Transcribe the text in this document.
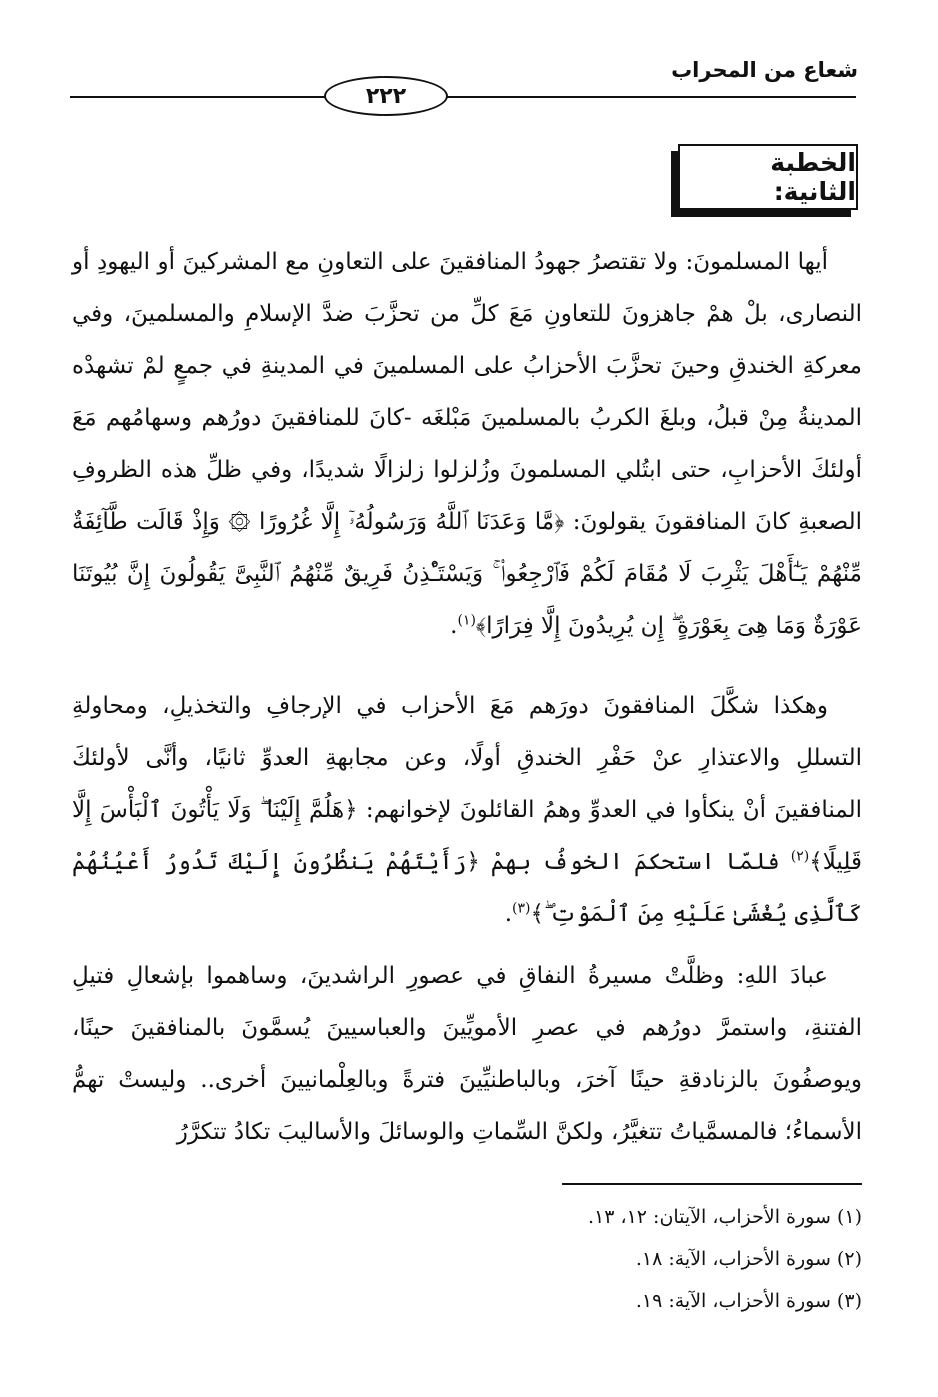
شعاع من المحراب
٢٢٢
الخطبة الثانية:

أيها المسلمونَ: ولا تقتصرُ جهودُ المنافقينَ على التعاونِ مع المشركينَ أو اليهودِ أو النصارى، بلْ همْ جاهزونَ للتعاونِ مَعَ كلِّ من تحزَّبَ ضدَّ الإسلامِ والمسلمينَ، وفي معركةِ الخندقِ وحينَ تحزَّبَ الأحزابُ على المسلمينَ في المدينةِ في جمعٍ لمْ تشهدْه المدينةُ مِنْ قبلُ، وبلغَ الكربُ بالمسلمينَ مَبْلغَه -كانَ للمنافقينَ دورُهم وسهامُهم مَعَ أولئكَ الأحزابِ، حتى ابتُلي المسلمونَ وزُلزلوا زلزالًا شديدًا، وفي ظلِّ هذه الظروفِ الصعبةِ كانَ المنافقونَ يقولونَ: ﴿مَّا وَعَدَنَا ٱللَّهُ وَرَسُولُهُۥٓ إِلَّا غُرُورًا ۞ وَإِذْ قَالَت طَّآئِفَةٌ مِّنْهُمْ يَـٰٓأَهْلَ يَثْرِبَ لَا مُقَامَ لَكُمْ فَٱرْجِعُوا۟ ۚ وَيَسْتَـْٔذِنُ فَرِيقٌ مِّنْهُمُ ٱلنَّبِىَّ يَقُولُونَ إِنَّ بُيُوتَنَا عَوْرَةٌ وَمَا هِىَ بِعَوْرَةٍ ۖ إِن يُرِيدُونَ إِلَّا فِرَارًا﴾$^{(١)}$.

وهكذا شكَّلَ المنافقونَ دورَهم مَعَ الأحزاب في الإرجافِ والتخذيلِ، ومحاولةِ التسللِ والاعتذارِ عنْ حَفْرِ الخندقِ أولًا، وعن مجابهةِ العدوِّ ثانيًا، وأنَّى لأولئكَ المنافقينَ أنْ ينكأوا في العدوِّ وهمُ القائلونَ لإخوانهم: ﴿هَلُمَّ إِلَيْنَا ۖ وَلَا يَأْتُونَ ٱلْبَأْسَ إِلَّا قَلِيلًا﴾$^{(٢)}$ فلمّا استحكمَ الخوفُ بهمْ ﴿رَأَيْتَهُمْ يَنظُرُونَ إِلَيْكَ تَدُورُ أَعْيُنُهُمْ كَٱلَّذِى يُغْشَىٰ عَلَيْهِ مِنَ ٱلْمَوْتِ ۖ﴾$^{(٣)}$.

عبادَ اللهِ: وظلَّتْ مسيرةُ النفاقِ في عصورِ الراشدينَ، وساهموا بإشعالِ فتيلِ الفتنةِ، واستمرَّ دورُهم في عصرِ الأمويِّينَ والعباسيينَ يُسمَّونَ بالمنافقينَ حينًا، ويوصفُونَ بالزنادقةِ حينًا آخرَ، وبالباطنيِّينَ فترةً وبالعِلْمانيينَ أخرى.. وليستْ تهمُّ الأسماءُ؛ فالمسمَّياتُ تتغيَّرُ، ولكنَّ السِّماتِ والوسائلَ والأساليبَ تكادُ تتكرَّرُ

(١) سورة الأحزاب، الآيتان: ١٢، ١٣.
(٢) سورة الأحزاب، الآية: ١٨.
(٣) سورة الأحزاب، الآية: ١٩.
